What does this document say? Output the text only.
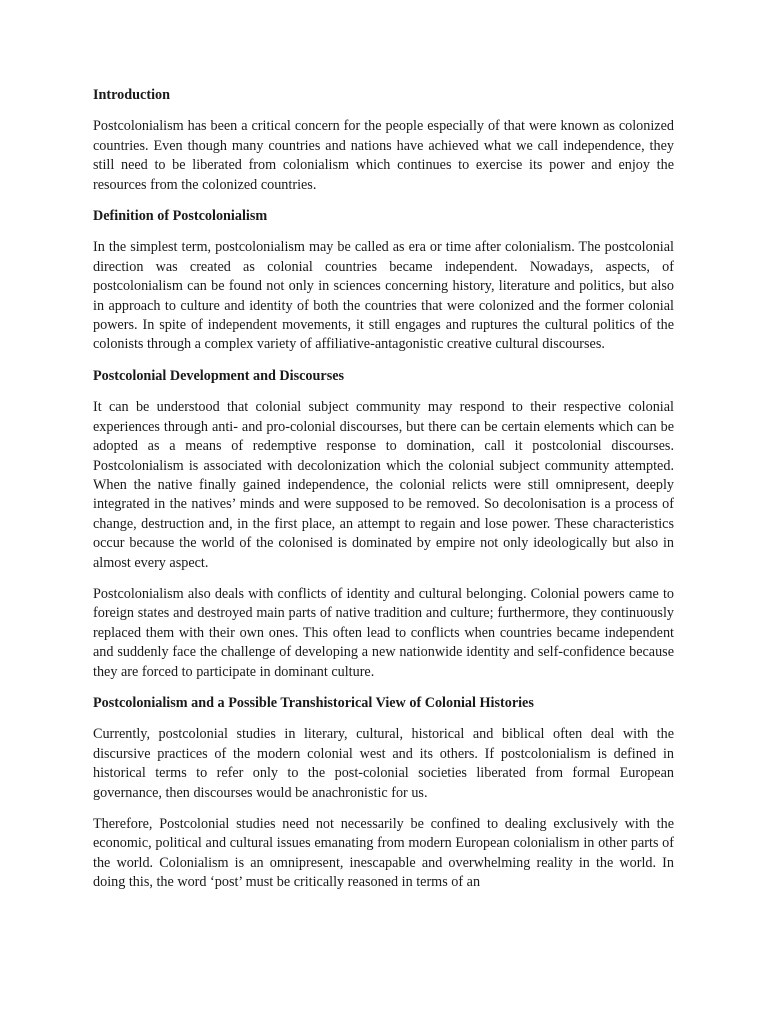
Introduction
Postcolonialism has been a critical concern for the people especially of that were known as colonized countries. Even though many countries and nations have achieved what we call independence, they still need to be liberated from colonialism which continues to exercise its power and enjoy the resources from the colonized countries.
Definition of Postcolonialism
In the simplest term, postcolonialism may be called as era or time after colonialism. The postcolonial direction was created as colonial countries became independent. Nowadays, aspects, of postcolonialism can be found not only in sciences concerning history, literature and politics, but also in approach to culture and identity of both the countries that were colonized and the former colonial powers. In spite of independent movements, it still engages and ruptures the cultural politics of the colonists through a complex variety of affiliative-antagonistic creative cultural discourses.
Postcolonial Development and Discourses
It can be understood that colonial subject community may respond to their respective colonial experiences through anti- and pro-colonial discourses, but there can be certain elements which can be adopted as a means of redemptive response to domination, call it postcolonial discourses. Postcolonialism is associated with decolonization which the colonial subject community attempted. When the native finally gained independence, the colonial relicts were still omnipresent, deeply integrated in the natives’ minds and were supposed to be removed. So decolonisation is a process of change, destruction and, in the first place, an attempt to regain and lose power. These characteristics occur because the world of the colonised is dominated by empire not only ideologically but also in almost every aspect.
Postcolonialism also deals with conflicts of identity and cultural belonging. Colonial powers came to foreign states and destroyed main parts of native tradition and culture; furthermore, they continuously replaced them with their own ones. This often lead to conflicts when countries became independent and suddenly face the challenge of developing a new nationwide identity and self-confidence because they are forced to participate in dominant culture.
Postcolonialism and a Possible Transhistorical View of Colonial Histories
Currently, postcolonial studies in literary, cultural, historical and biblical often deal with the discursive practices of the modern colonial west and its others. If postcolonialism is defined in historical terms to refer only to the post-colonial societies liberated from formal European governance, then discourses would be anachronistic for us.
Therefore, Postcolonial studies need not necessarily be confined to dealing exclusively with the economic, political and cultural issues emanating from modern European colonialism in other parts of the world. Colonialism is an omnipresent, inescapable and overwhelming reality in the world. In doing this, the word ‘post’ must be critically reasoned in terms of an
